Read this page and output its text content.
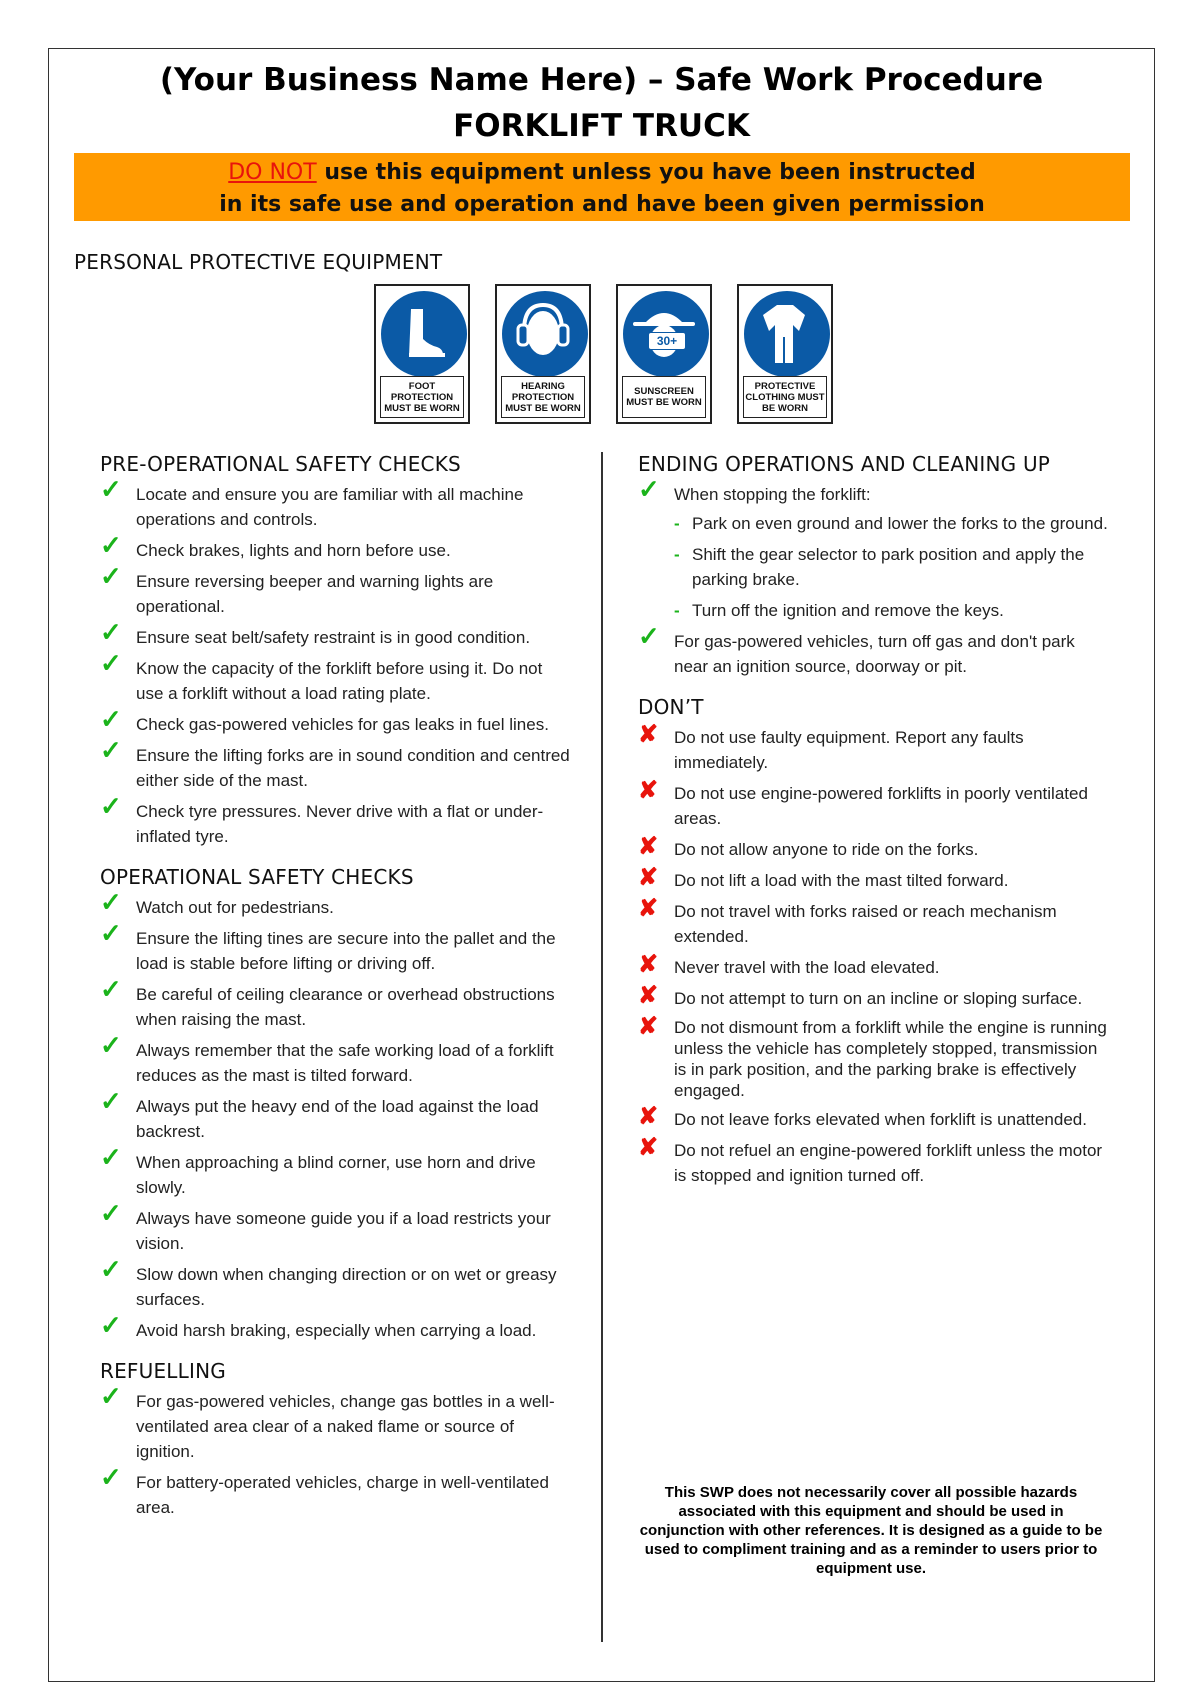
(Your Business Name Here) – Safe Work Procedure
FORKLIFT TRUCK
DO NOT use this equipment unless you have been instructed
in its safe use and operation and have been given permission
PERSONAL PROTECTIVE EQUIPMENT
FOOT PROTECTION MUST BE WORN
HEARING PROTECTION MUST BE WORN
30+
SUNSCREEN MUST BE WORN
PROTECTIVE CLOTHING MUST BE WORN
PRE-OPERATIONAL SAFETY CHECKS
✓ Locate and ensure you are familiar with all machine operations and controls.
✓ Check brakes, lights and horn before use.
✓ Ensure reversing beeper and warning lights are operational.
✓ Ensure seat belt/safety restraint is in good condition.
✓ Know the capacity of the forklift before using it. Do not use a forklift without a load rating plate.
✓ Check gas-powered vehicles for gas leaks in fuel lines.
✓ Ensure the lifting forks are in sound condition and centred either side of the mast.
✓ Check tyre pressures. Never drive with a flat or under-inflated tyre.
OPERATIONAL SAFETY CHECKS
✓ Watch out for pedestrians.
✓ Ensure the lifting tines are secure into the pallet and the load is stable before lifting or driving off.
✓ Be careful of ceiling clearance or overhead obstructions when raising the mast.
✓ Always remember that the safe working load of a forklift reduces as the mast is tilted forward.
✓ Always put the heavy end of the load against the load backrest.
✓ When approaching a blind corner, use horn and drive slowly.
✓ Always have someone guide you if a load restricts your vision.
✓ Slow down when changing direction or on wet or greasy surfaces.
✓ Avoid harsh braking, especially when carrying a load.
REFUELLING
✓ For gas-powered vehicles, change gas bottles in a well-ventilated area clear of a naked flame or source of ignition.
✓ For battery-operated vehicles, charge in well-ventilated area.
ENDING OPERATIONS AND CLEANING UP
✓ When stopping the forklift:
- Park on even ground and lower the forks to the ground.
- Shift the gear selector to park position and apply the parking brake.
- Turn off the ignition and remove the keys.
✓ For gas-powered vehicles, turn off gas and don't park near an ignition source, doorway or pit.
DON’T
✘ Do not use faulty equipment. Report any faults immediately.
✘ Do not use engine-powered forklifts in poorly ventilated areas.
✘ Do not allow anyone to ride on the forks.
✘ Do not lift a load with the mast tilted forward.
✘ Do not travel with forks raised or reach mechanism extended.
✘ Never travel with the load elevated.
✘ Do not attempt to turn on an incline or sloping surface.
✘ Do not dismount from a forklift while the engine is running unless the vehicle has completely stopped, transmission is in park position, and the parking brake is effectively engaged.
✘ Do not leave forks elevated when forklift is unattended.
✘ Do not refuel an engine-powered forklift unless the motor is stopped and ignition turned off.
This SWP does not necessarily cover all possible hazards associated with this equipment and should be used in conjunction with other references. It is designed as a guide to be used to compliment training and as a reminder to users prior to equipment use.
